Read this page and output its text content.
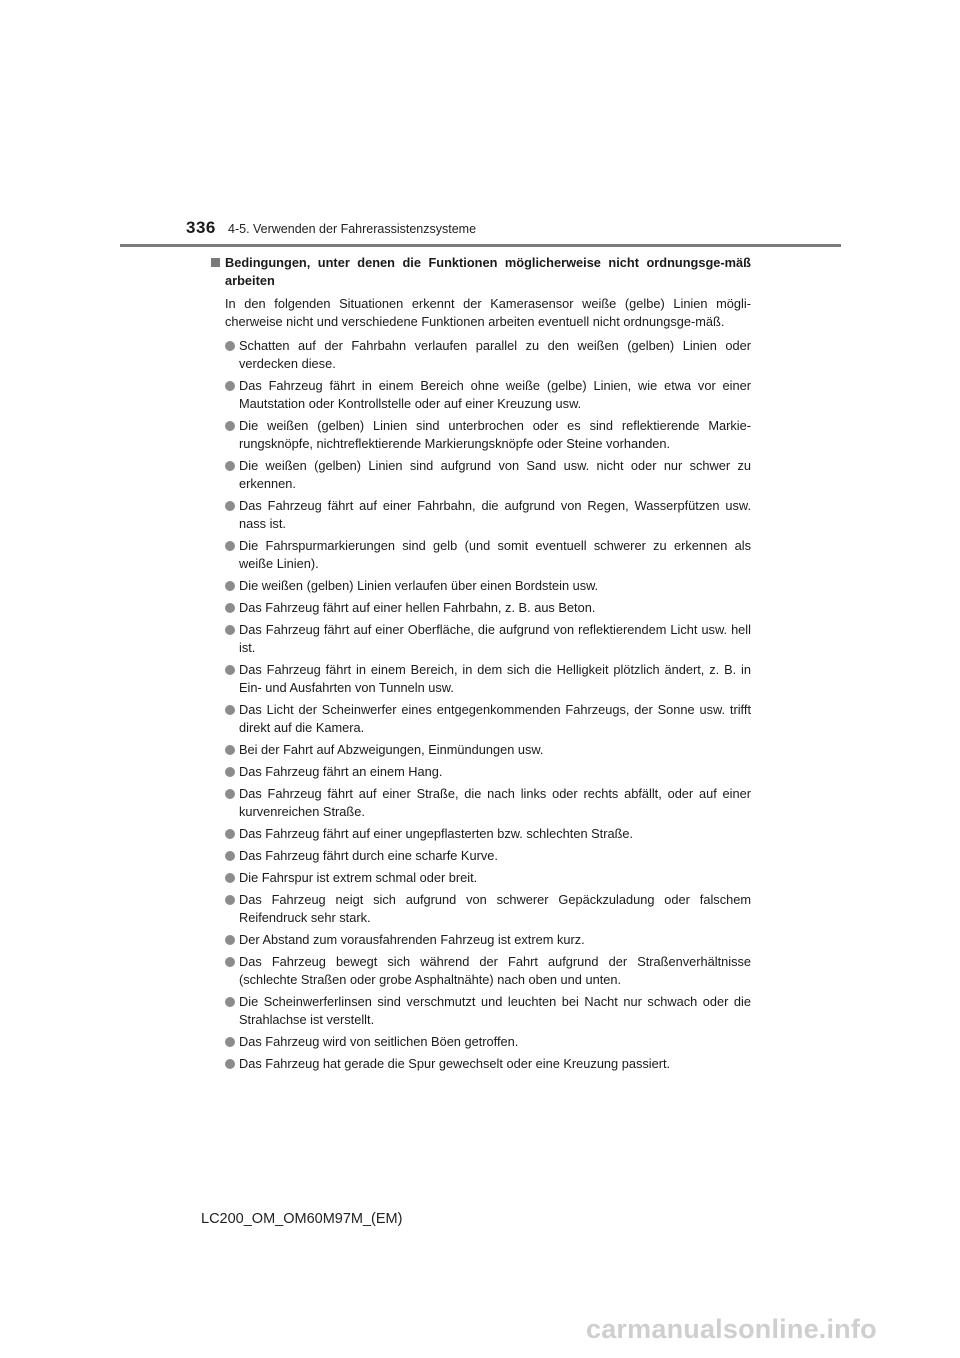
336 4-5. Verwenden der Fahrerassistenzsysteme
Bedingungen, unter denen die Funktionen möglicherweise nicht ordnungsge-mäß arbeiten

In den folgenden Situationen erkennt der Kamerasensor weiße (gelbe) Linien mögli-cherweise nicht und verschiedene Funktionen arbeiten eventuell nicht ordnungsge-mäß.

Schatten auf der Fahrbahn verlaufen parallel zu den weißen (gelben) Linien oder verdecken diese.
Das Fahrzeug fährt in einem Bereich ohne weiße (gelbe) Linien, wie etwa vor einer Mautstation oder Kontrollstelle oder auf einer Kreuzung usw.
Die weißen (gelben) Linien sind unterbrochen oder es sind reflektierende Markie-rungsknöpfe, nichtreflektierende Markierungsknöpfe oder Steine vorhanden.
Die weißen (gelben) Linien sind aufgrund von Sand usw. nicht oder nur schwer zu erkennen.
Das Fahrzeug fährt auf einer Fahrbahn, die aufgrund von Regen, Wasserpfützen usw. nass ist.
Die Fahrspurmarkierungen sind gelb (und somit eventuell schwerer zu erkennen als weiße Linien).
Die weißen (gelben) Linien verlaufen über einen Bordstein usw.
Das Fahrzeug fährt auf einer hellen Fahrbahn, z. B. aus Beton.
Das Fahrzeug fährt auf einer Oberfläche, die aufgrund von reflektierendem Licht usw. hell ist.
Das Fahrzeug fährt in einem Bereich, in dem sich die Helligkeit plötzlich ändert, z. B. in Ein- und Ausfahrten von Tunneln usw.
Das Licht der Scheinwerfer eines entgegenkommenden Fahrzeugs, der Sonne usw. trifft direkt auf die Kamera.
Bei der Fahrt auf Abzweigungen, Einmündungen usw.
Das Fahrzeug fährt an einem Hang.
Das Fahrzeug fährt auf einer Straße, die nach links oder rechts abfällt, oder auf einer kurvenreichen Straße.
Das Fahrzeug fährt auf einer ungepflasterten bzw. schlechten Straße.
Das Fahrzeug fährt durch eine scharfe Kurve.
Die Fahrspur ist extrem schmal oder breit.
Das Fahrzeug neigt sich aufgrund von schwerer Gepäckzuladung oder falschem Reifendruck sehr stark.
Der Abstand zum vorausfahrenden Fahrzeug ist extrem kurz.
Das Fahrzeug bewegt sich während der Fahrt aufgrund der Straßenverhältnisse (schlechte Straßen oder grobe Asphaltnähte) nach oben und unten.
Die Scheinwerferlinsen sind verschmutzt und leuchten bei Nacht nur schwach oder die Strahlachse ist verstellt.
Das Fahrzeug wird von seitlichen Böen getroffen.
Das Fahrzeug hat gerade die Spur gewechselt oder eine Kreuzung passiert.
LC200_OM_OM60M97M_(EM)
carmanualsonline.info
